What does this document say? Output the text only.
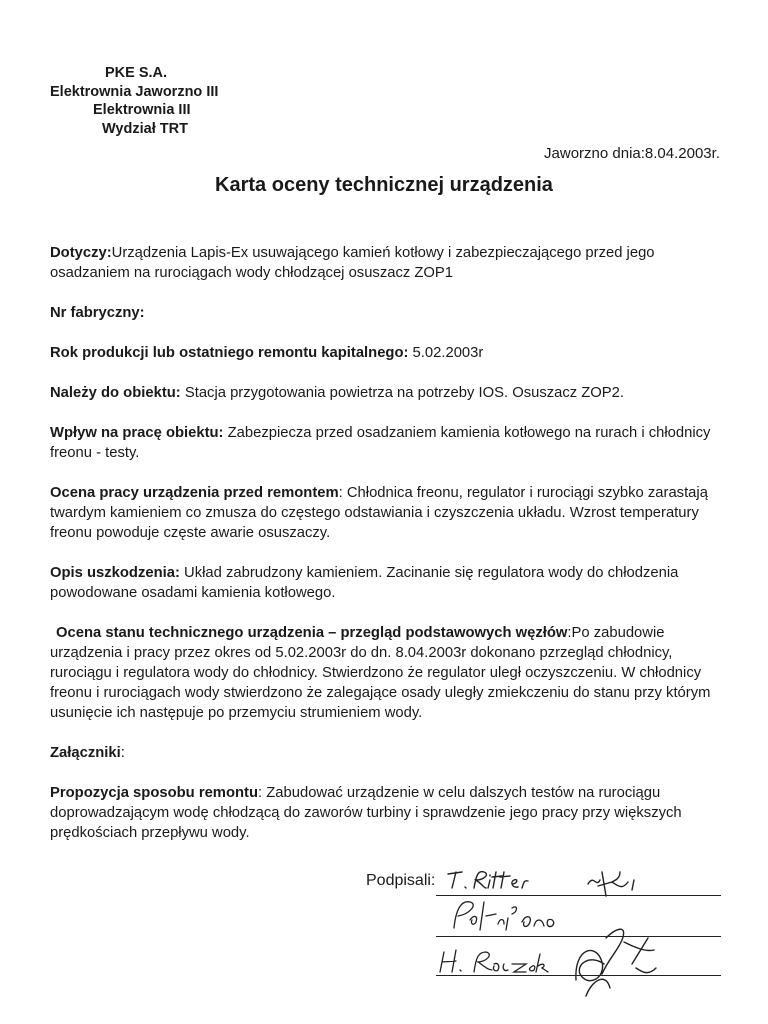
PKE S.A.
Elektrownia Jaworzno III
Elektrownia III
Wydział TRT
Jaworzno dnia:8.04.2003r.
Karta oceny technicznej urządzenia
Dotyczy:Urządzenia Lapis-Ex usuwającego kamień kotłowy i zabezpieczającego przed jego osadzaniem na rurociągach wody chłodzącej osuszacz ZOP1
Nr fabryczny:
Rok produkcji lub ostatniego remontu kapitalnego: 5.02.2003r
Należy do obiektu: Stacja przygotowania powietrza na potrzeby IOS. Osuszacz ZOP2.
Wpływ na pracę obiektu: Zabezpiecza przed osadzaniem kamienia kotłowego na rurach i chłodnicy freonu - testy.
Ocena pracy urządzenia przed remontem: Chłodnica freonu, regulator i rurociągi szybko zarastają twardym kamieniem co zmusza do częstego odstawiania i czyszczenia układu. Wzrost temperatury freonu powoduje częste awarie osuszaczy.
Opis uszkodzenia: Układ zabrudzony kamieniem. Zacinanie się regulatora wody do chłodzenia powodowane osadami kamienia kotłowego.
Ocena stanu technicznego urządzenia – przegląd podstawowych węzłów:Po zabudowie urządzenia i pracy przez okres od 5.02.2003r do dn. 8.04.2003r dokonano pzrzegląd chłodnicy, rurociągu i regulatora wody do chłodnicy. Stwierdzono że regulator uległ oczyszczeniu. W chłodnicy freonu i rurociągach wody stwierdzono że zalegające osady uległy zmiekczeniu do stanu przy którym usunięcie ich następuje po przemyciu strumieniem wody.
Załączniki:
Propozycja sposobu remontu: Zabudować urządzenie w celu dalszych testów na rurociągu doprowadzającym wodę chłodzącą do zaworów turbiny i sprawdzenie jego pracy przy większych prędkościach przepływu wody.
Podpisali:
